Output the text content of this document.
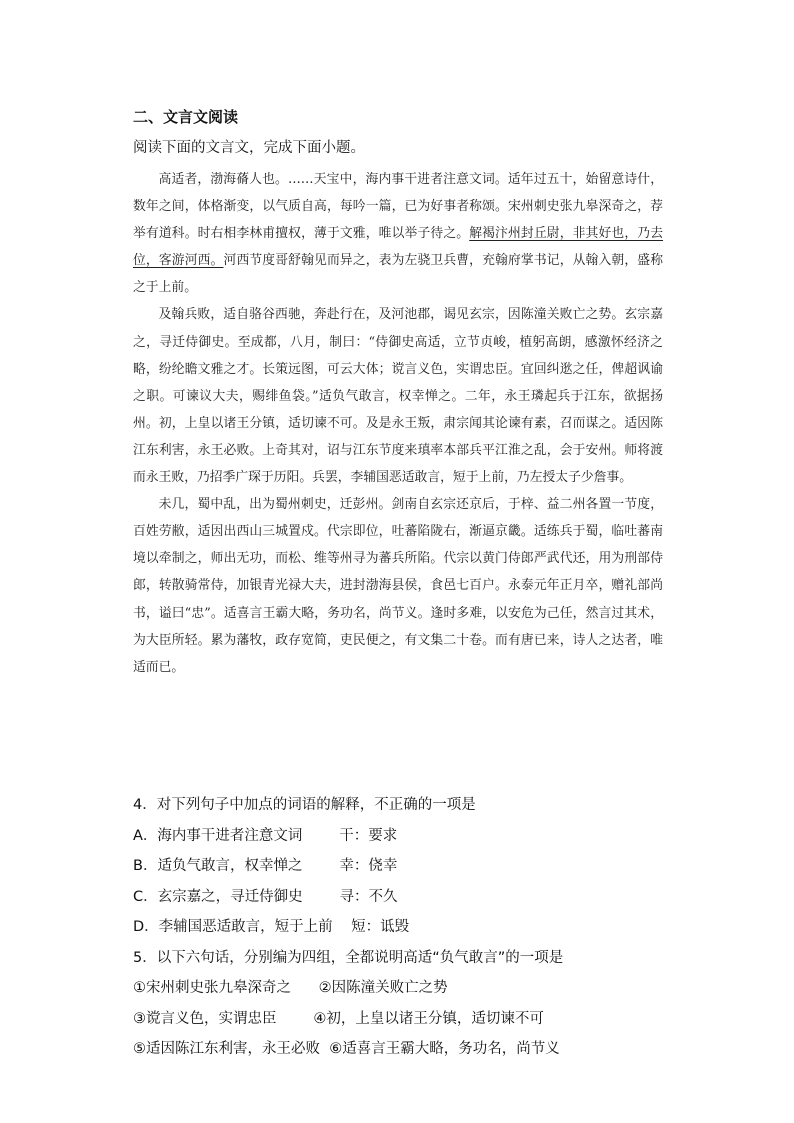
二、文言文阅读
阅读下面的文言文，完成下面小题。

高适者，渤海蓨人也。……天宝中，海内事干进者注意文词。适年过五十，始留意诗什，数年之间，体格渐变，以气质自高，每吟一篇，已为好事者称颂。宋州刺史张九皋深奇之，荐举有道科。时右相李林甫擅权，薄于文雅，唯以举子待之。解褐汴州封丘尉，非其好也，乃去位，客游河西。河西节度哥舒翰见而异之，表为左骁卫兵曹，充翰府掌书记，从翰入朝，盛称之于上前。

及翰兵败，适自骆谷西驰，奔赴行在，及河池郡，谒见玄宗，因陈潼关败亡之势。玄宗嘉之，寻迁侍御史。至成都，八月，制曰：“侍御史高适，立节贞峻，植躬高朗，感激怀经济之略，纷纶瞻文雅之才。长策远图，可云大体；谠言义色，实谓忠臣。宜回纠逖之任，俾超讽谕之职。可谏议大夫，赐绯鱼袋。”适负气敢言，权幸惮之。二年，永王璘起兵于江东，欲据扬州。初，上皇以诸王分镇，适切谏不可。及是永王叛，肃宗闻其论谏有素，召而谋之。适因陈江东利害，永王必败。上奇其对，诏与江东节度来瑱率本部兵平江淮之乱，会于安州。师将渡而永王败，乃招季广琛于历阳。兵罢，李辅国恶适敢言，短于上前，乃左授太子少詹事。

未几，蜀中乱，出为蜀州刺史，迁彭州。剑南自玄宗还京后，于梓、益二州各置一节度，百姓劳敝，适因出西山三城置戍。代宗即位，吐蕃陷陇右，渐逼京畿。适练兵于蜀，临吐蕃南境以牵制之，师出无功，而松、维等州寻为蕃兵所陷。代宗以黄门侍郎严武代还，用为刑部侍郎，转散骑常侍，加银青光禄大夫，进封渤海县侯，食邑七百户。永泰元年正月卒，赠礼部尚书，谥曰“忠”。适喜言王霸大略，务功名，尚节义。逢时多难，以安危为己任，然言过其术，为大臣所轻。累为藩牧，政存宽简，吏民便之，有文集二十卷。而有唐已来，诗人之达者，唯适而已。

4．对下列句子中加点的词语的解释，不正确的一项是
A．海内事干进者注意文词        干：要求
B．适负气敢言，权幸惮之        幸：侥幸
C．玄宗嘉之，寻迁侍御史        寻：不久
D．李辅国恶适敢言，短于上前    短：诋毁
5．以下六句话，分别编为四组，全都说明高适“负气敢言”的一项是
①宋州刺史张九皋深奇之      ②因陈潼关败亡之势
③谠言义色，实谓忠臣        ④初，上皇以诸王分镇，适切谏不可
⑤适因陈江东利害，永王必败  ⑥适喜言王霸大略，务功名，尚节义
